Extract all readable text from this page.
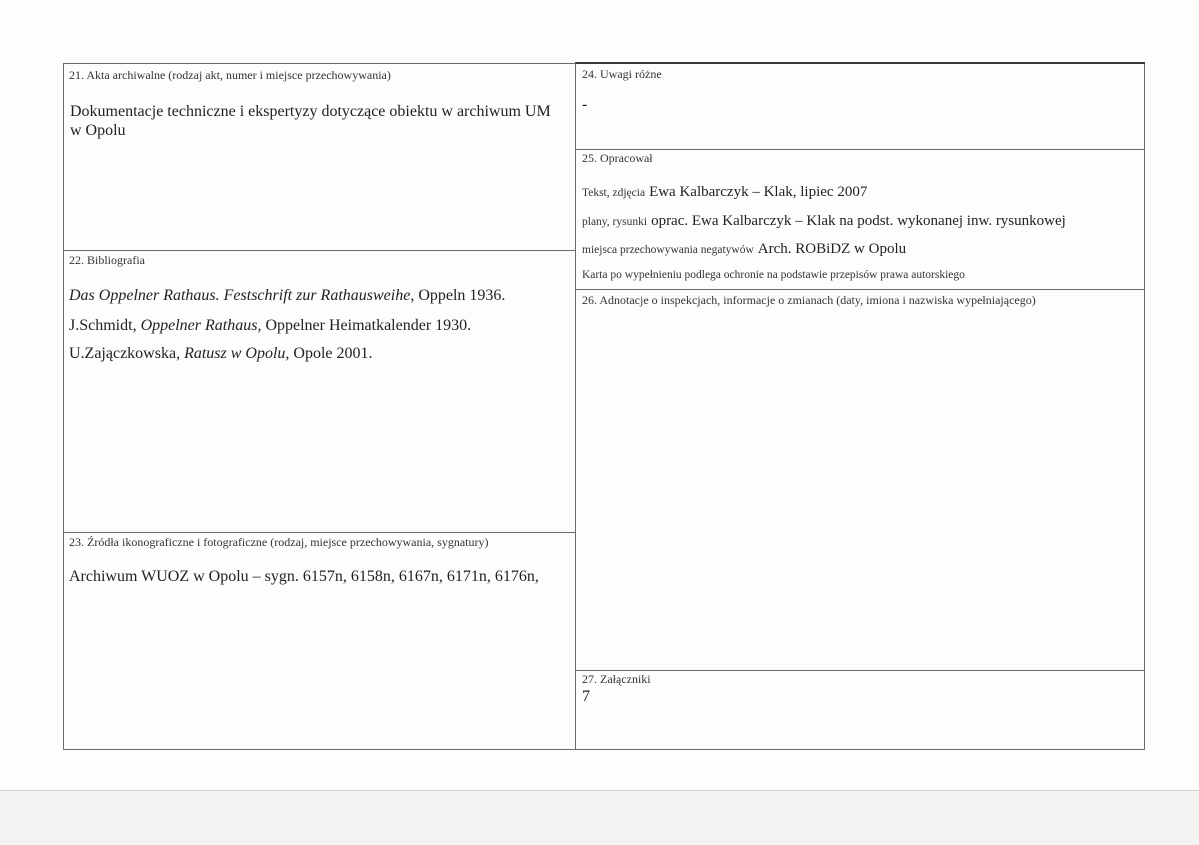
21. Akta archiwalne (rodzaj akt, numer i miejsce przechowywania)
Dokumentacje techniczne i ekspertyzy dotyczące obiektu w archiwum UM w Opolu
22. Bibliografia
Das Oppelner Rathaus. Festschrift zur Rathausweihe, Oppeln 1936.
J.Schmidt, Oppelner Rathaus, Oppelner Heimatkalender 1930.
U.Zajączkowska, Ratusz w Opolu, Opole 2001.
23. Źródła ikonograficzne i fotograficzne (rodzaj, miejsce przechowywania, sygnatury)
Archiwum WUOZ w Opolu – sygn. 6157n, 6158n, 6167n, 6171n, 6176n,
24. Uwagi różne
-
25. Opracował
Tekst, zdjęcia Ewa Kalbarczyk – Klak, lipiec 2007
plany, rysunki oprac. Ewa Kalbarczyk – Klak na podst. wykonanej inw. rysunkowej
miejsca przechowywania negatywów Arch. ROBiDZ w Opolu
Karta po wypełnieniu podlega ochronie na podstawie przepisów prawa autorskiego
26. Adnotacje o inspekcjach, informacje o zmianach (daty, imiona i nazwiska wypełniającego)
27. Załączniki
7
